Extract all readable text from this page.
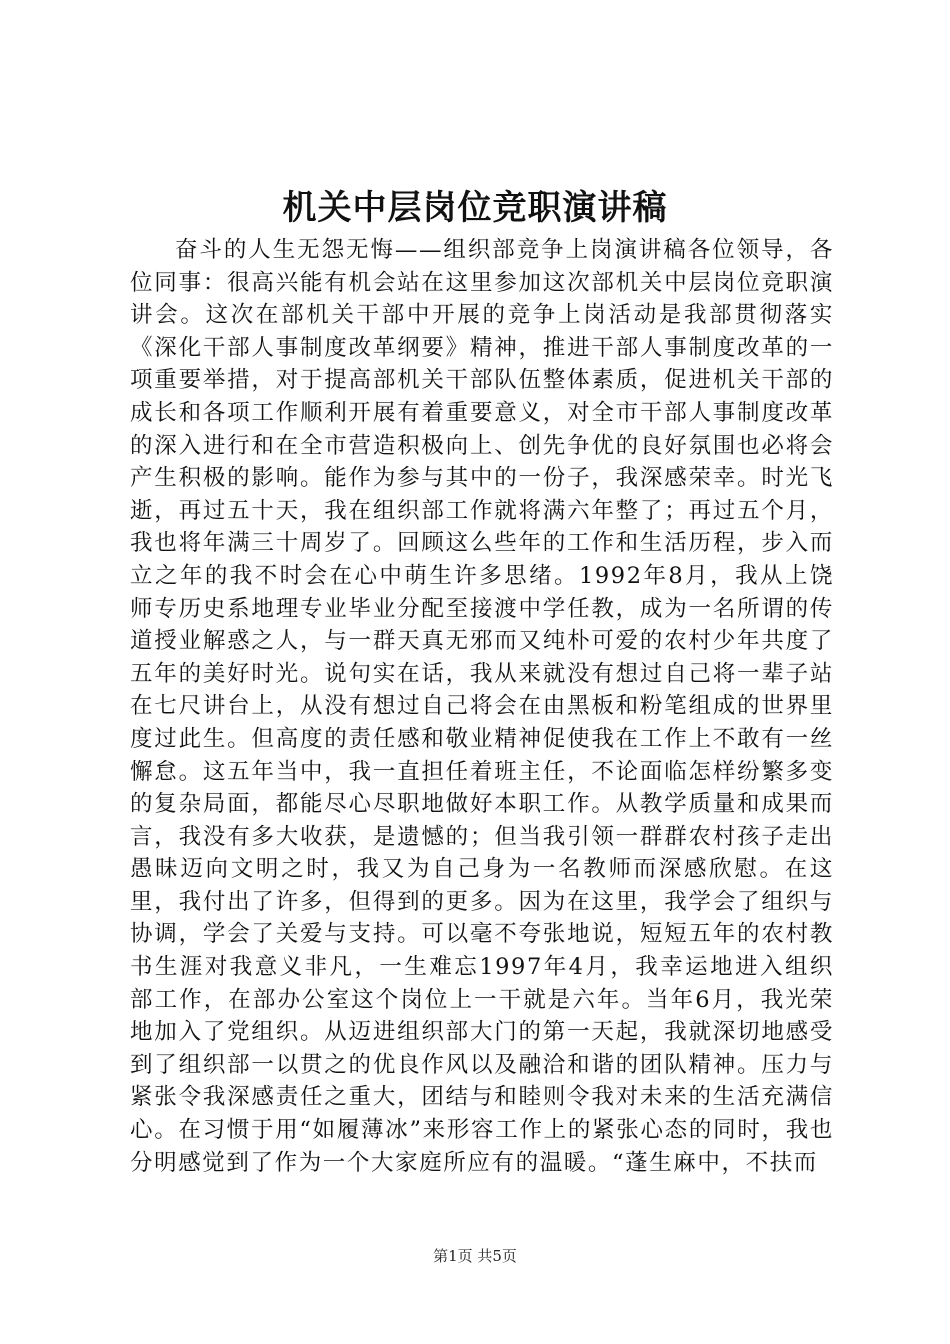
机关中层岗位竞职演讲稿

奋斗的人生无怨无悔——组织部竞争上岗演讲稿各位领导，各位同事：很高兴能有机会站在这里参加这次部机关中层岗位竞职演讲会。这次在部机关干部中开展的竞争上岗活动是我部贯彻落实《深化干部人事制度改革纲要》精神，推进干部人事制度改革的一项重要举措，对于提高部机关干部队伍整体素质，促进机关干部的成长和各项工作顺利开展有着重要意义，对全市干部人事制度改革的深入进行和在全市营造积极向上、创先争优的良好氛围也必将会产生积极的影响。能作为参与其中的一份子，我深感荣幸。时光飞逝，再过五十天，我在组织部工作就将满六年整了；再过五个月，我也将年满三十周岁了。回顾这么些年的工作和生活历程，步入而立之年的我不时会在心中萌生许多思绪。1992年8月，我从上饶师专历史系地理专业毕业分配至接渡中学任教，成为一名所谓的传道授业解惑之人，与一群天真无邪而又纯朴可爱的农村少年共度了五年的美好时光。说句实在话，我从来就没有想过自己将一辈子站在七尺讲台上，从没有想过自己将会在由黑板和粉笔组成的世界里度过此生。但高度的责任感和敬业精神促使我在工作上不敢有一丝懈怠。这五年当中，我一直担任着班主任，不论面临怎样纷繁多变的复杂局面，都能尽心尽职地做好本职工作。从教学质量和成果而言，我没有多大收获，是遗憾的；但当我引领一群群农村孩子走出愚昧迈向文明之时，我又为自己身为一名教师而深感欣慰。在这里，我付出了许多，但得到的更多。因为在这里，我学会了组织与协调，学会了关爱与支持。可以毫不夸张地说，短短五年的农村教书生涯对我意义非凡，一生难忘1997年4月，我幸运地进入组织部工作，在部办公室这个岗位上一干就是六年。当年6月，我光荣地加入了党组织。从迈进组织部大门的第一天起，我就深切地感受到了组织部一以贯之的优良作风以及融洽和谐的团队精神。压力与紧张令我深感责任之重大，团结与和睦则令我对未来的生活充满信心。在习惯于用“如履薄冰”来形容工作上的紧张心态的同时，我也分明感觉到了作为一个大家庭所应有的温暖。“蓬生麻中，不扶而

第1页 共5页
